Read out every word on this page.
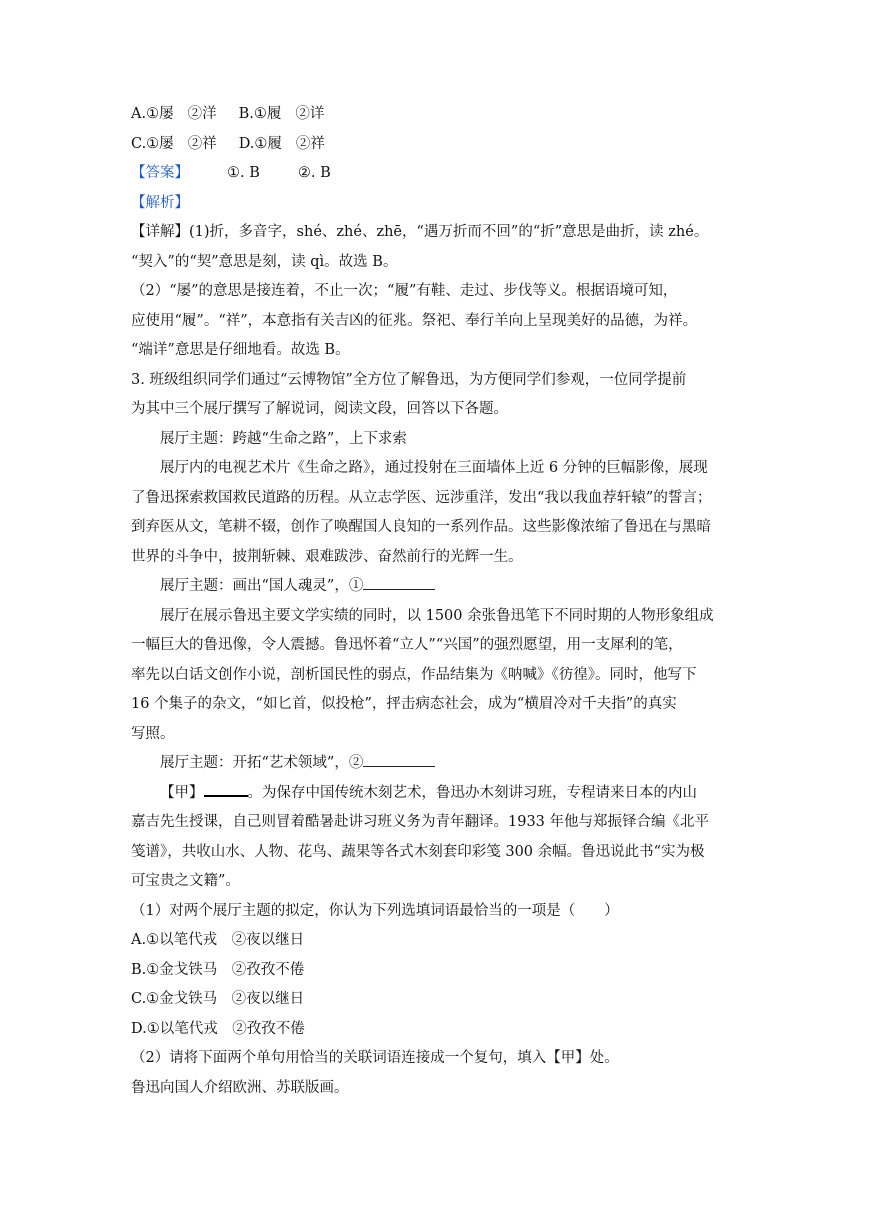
A.①屡 ②洋 B.①履 ②详
C.①屡 ②祥 D.①履 ②祥
【答案】	①. B	②. B
【解析】
【详解】(1)折，多音字，shé、zhé、zhē，“遇万折而不回”的“折”意思是曲折，读 zhé。
“契入”的“契”意思是刻，读 qì。故选 B。
（2）“屡”的意思是接连着，不止一次；“履”有鞋、走过、步伐等义。根据语境可知，
应使用“履”。“祥”，本意指有关吉凶的征兆。祭祀、奉行羊向上呈现美好的品德，为祥。
“端详”意思是仔细地看。故选 B。
3. 班级组织同学们通过“云博物馆”全方位了解鲁迅，为方便同学们参观，一位同学提前
为其中三个展厅撰写了解说词，阅读文段，回答以下各题。
展厅主题：跨越“生命之路”，上下求索
展厅内的电视艺术片《生命之路》，通过投射在三面墙体上近 6 分钟的巨幅影像，展现
了鲁迅探索救国救民道路的历程。从立志学医、远涉重洋，发出“我以我血荐轩辕”的誓言；
到弃医从文，笔耕不辍，创作了唤醒国人良知的一系列作品。这些影像浓缩了鲁迅在与黑暗
世界的斗争中，披荆斩棘、艰难跋涉、奋然前行的光辉一生。
展厅主题：画出“国人魂灵”，①
展厅在展示鲁迅主要文学实绩的同时，以 1500 余张鲁迅笔下不同时期的人物形象组成
一幅巨大的鲁迅像，令人震撼。鲁迅怀着“立人”“兴国”的强烈愿望，用一支犀利的笔，
率先以白话文创作小说，剖析国民性的弱点，作品结集为《呐喊》《彷徨》。同时，他写下
16 个集子的杂文，“如匕首，似投枪”，抨击病态社会，成为“横眉冷对千夫指”的真实
写照。
展厅主题：开拓“艺术领域”，②
【甲】	。为保存中国传统木刻艺术，鲁迅办木刻讲习班，专程请来日本的内山
嘉吉先生授课，自己则冒着酷暑赴讲习班义务为青年翻译。1933 年他与郑振铎合编《北平
笺谱》，共收山水、人物、花鸟、蔬果等各式木刻套印彩笺 300 余幅。鲁迅说此书“实为极
可宝贵之文籍”。
（1）对两个展厅主题的拟定，你认为下列选填词语最恰当的一项是（　　）
A.①以笔代戎　②夜以继日
B.①金戈铁马　②孜孜不倦
C.①金戈铁马　②夜以继日
D.①以笔代戎　②孜孜不倦
（2）请将下面两个单句用恰当的关联词语连接成一个复句，填入【甲】处。
鲁迅向国人介绍欧洲、苏联版画。
